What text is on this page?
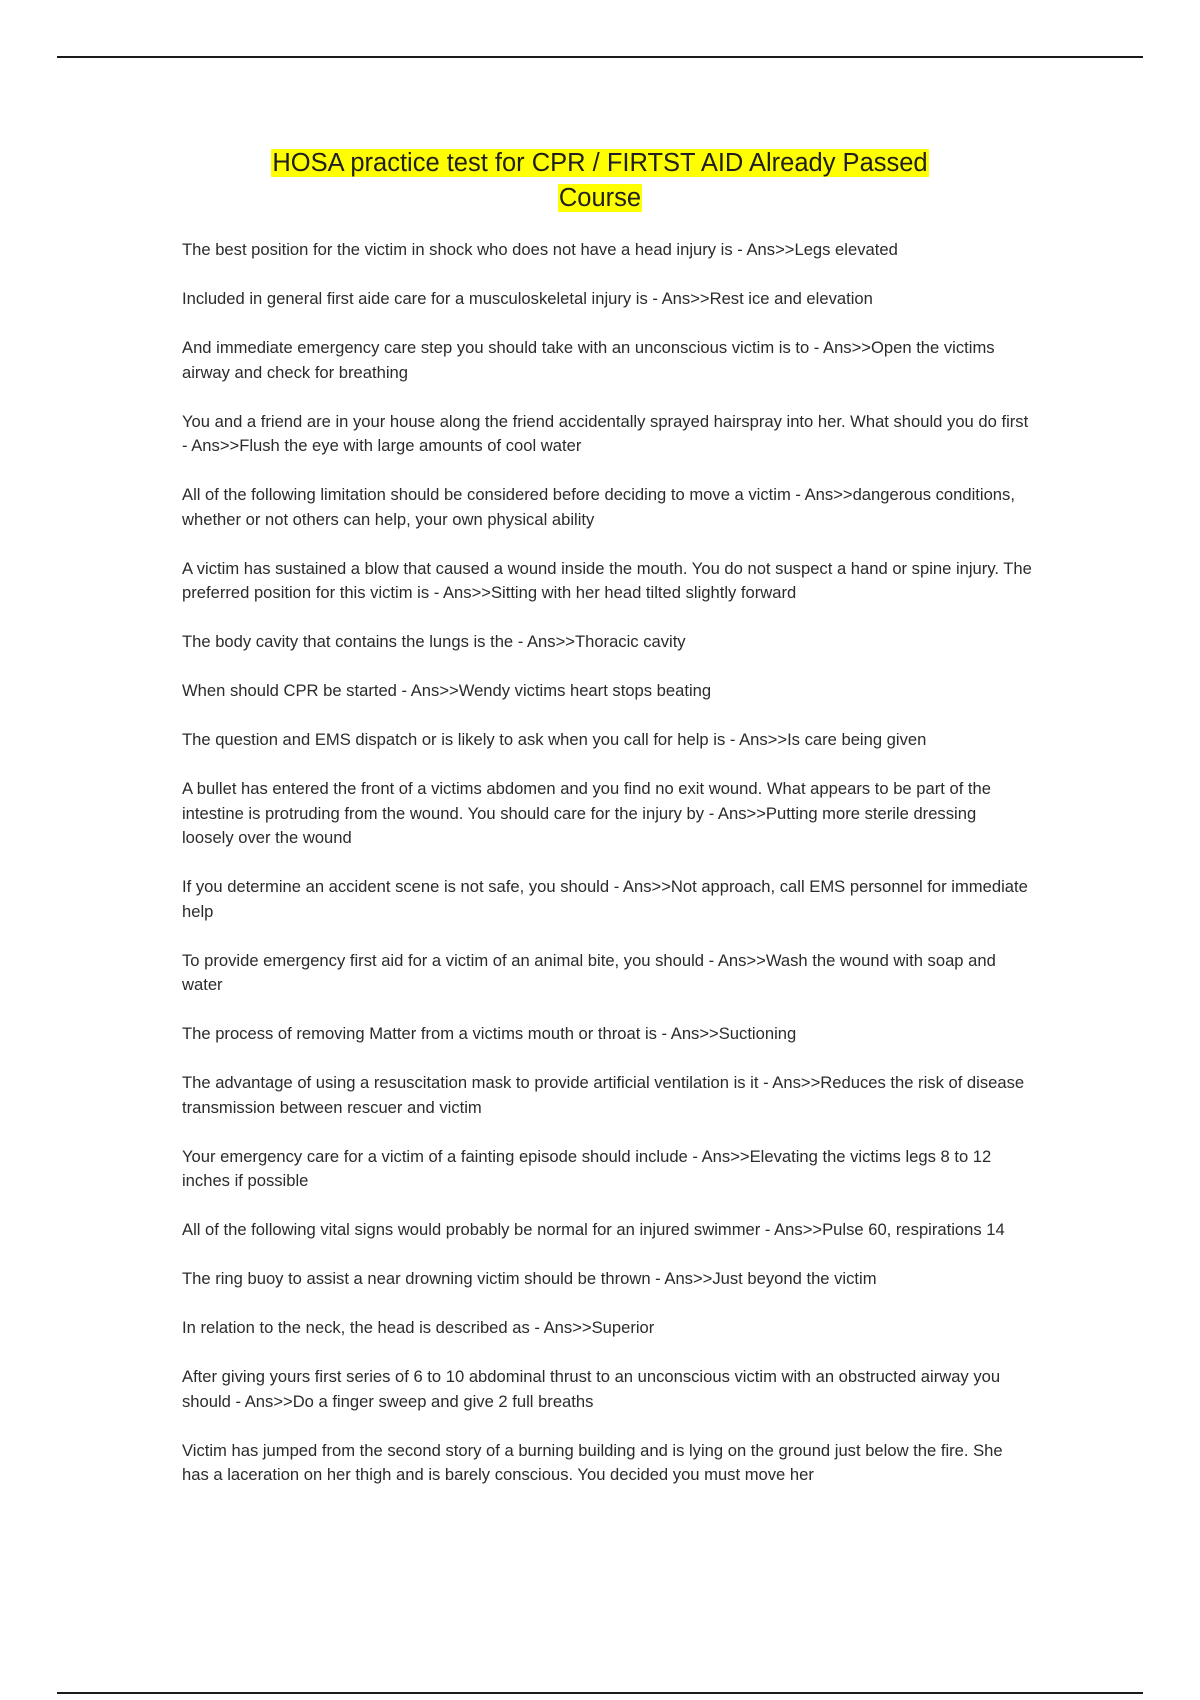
HOSA practice test for CPR / FIRTST AID Already Passed
Course
The best position for the victim in shock who does not have a head injury is - Ans>>Legs elevated
Included in general first aide care for a musculoskeletal injury is - Ans>>Rest ice and elevation
And immediate emergency care step you should take with an unconscious victim is to - Ans>>Open the victims airway and check for breathing
You and a friend are in your house along the friend accidentally sprayed hairspray into her. What should you do first - Ans>>Flush the eye with large amounts of cool water
All of the following limitation should be considered before deciding to move a victim - Ans>>dangerous conditions, whether or not others can help, your own physical ability
A victim has sustained a blow that caused a wound inside the mouth. You do not suspect a hand or spine injury. The preferred position for this victim is - Ans>>Sitting with her head tilted slightly forward
The body cavity that contains the lungs is the - Ans>>Thoracic cavity
When should CPR be started - Ans>>Wendy victims heart stops beating
The question and EMS dispatch or is likely to ask when you call for help is - Ans>>Is care being given
A bullet has entered the front of a victims abdomen and you find no exit wound. What appears to be part of the intestine is protruding from the wound. You should care for the injury by - Ans>>Putting more sterile dressing loosely over the wound
If you determine an accident scene is not safe, you should - Ans>>Not approach, call EMS personnel for immediate help
To provide emergency first aid for a victim of an animal bite, you should - Ans>>Wash the wound with soap and water
The process of removing Matter from a victims mouth or throat is - Ans>>Suctioning
The advantage of using a resuscitation mask to provide artificial ventilation is it - Ans>>Reduces the risk of disease transmission between rescuer and victim
Your emergency care for a victim of a fainting episode should include - Ans>>Elevating the victims legs 8 to 12 inches if possible
All of the following vital signs would probably be normal for an injured swimmer - Ans>>Pulse 60, respirations 14
The ring buoy to assist a near drowning victim should be thrown - Ans>>Just beyond the victim
In relation to the neck, the head is described as - Ans>>Superior
After giving yours first series of 6 to 10 abdominal thrust to an unconscious victim with an obstructed airway you should - Ans>>Do a finger sweep and give 2 full breaths
Victim has jumped from the second story of a burning building and is lying on the ground just below the fire. She has a laceration on her thigh and is barely conscious. You decided you must move her
